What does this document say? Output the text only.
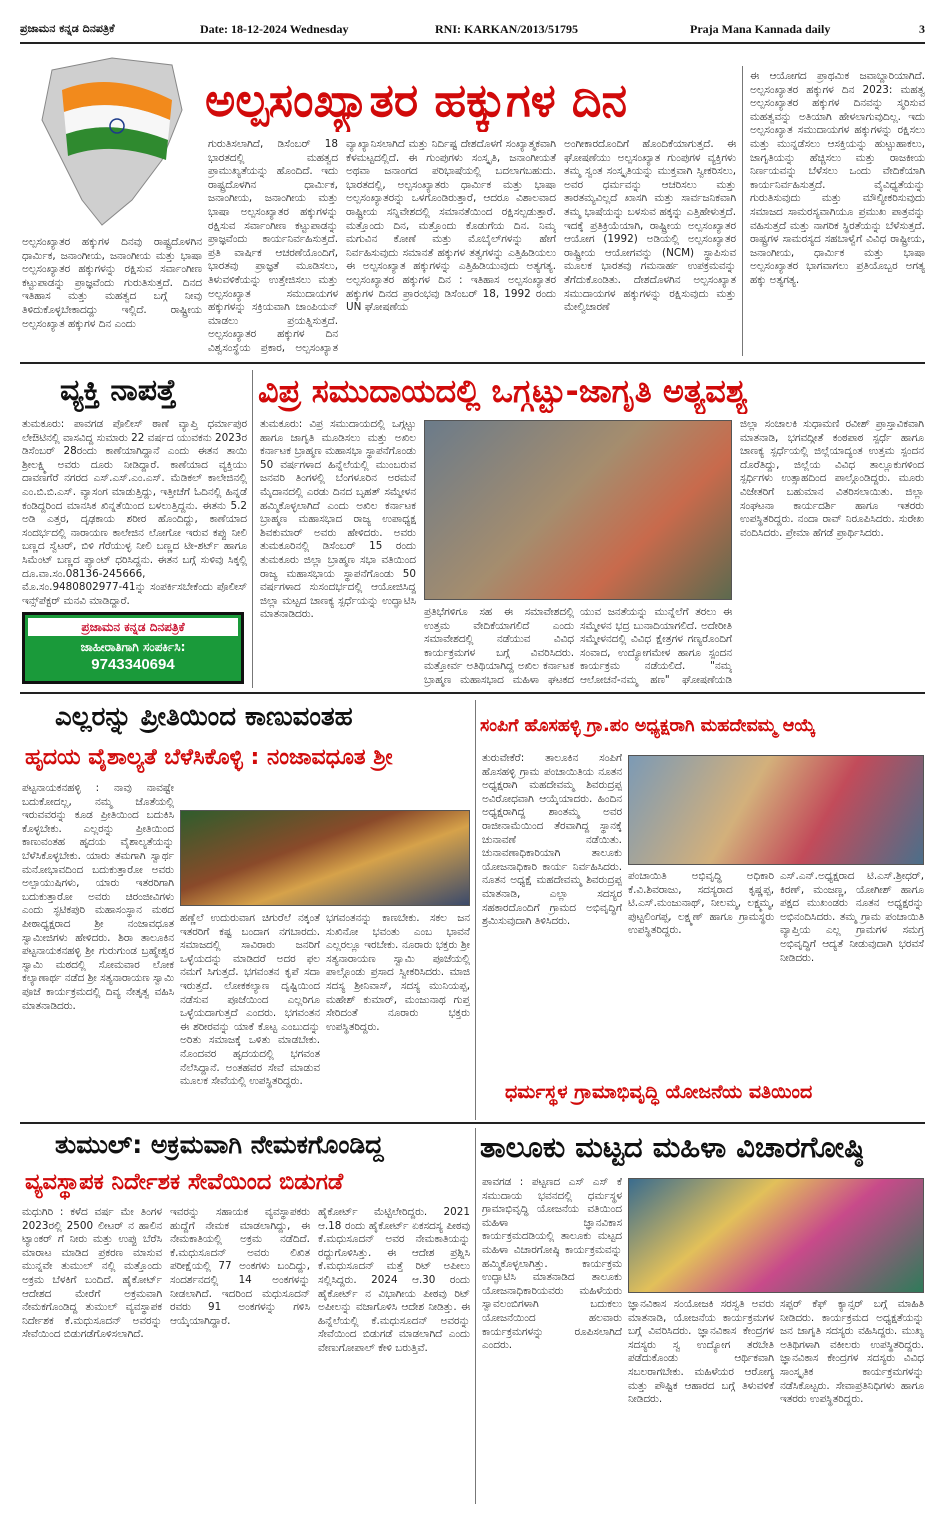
ಪ್ರಜಾಮನ ಕನ್ನಡ ದಿನಪತ್ರಿಕೆ	Date: 18-12-2024 Wednesday	RNI: KARKAN/2013/51795	Praja Mana Kannada daily	3
ಅಲ್ಪಸಂಖ್ಯಾತರ ಹಕ್ಕುಗಳ ದಿನ
ಗುರುತಿಸಲಾಗಿದೆ, ಡಿಸೆಂಬರ್ 18 ಭಾರತದಲ್ಲಿ ಮಹತ್ವದ ಪ್ರಾಮುಖ್ಯತೆಯನ್ನು ಹೊಂದಿದೆ. ಇದು ರಾಷ್ಟ್ರದೊಳಗಿನ ಧಾರ್ಮಿಕ, ಜನಾಂಗೀಯ, ಜನಾಂಗೀಯ ಮತ್ತು ಭಾಷಾ ಅಲ್ಪಸಂಖ್ಯಾತರ ಹಕ್ಕುಗಳನ್ನು ರಕ್ಷಿಸುವ ಸರ್ವಾಂಗೀಣ ಕಟ್ಟುಪಾಡನ್ನು ಪ್ರಾಜ್ಞವೆಂದು ಕಾರ್ಯನಿರ್ವಹಿಸುತ್ತದೆ. ಪ್ರತಿ ವಾರ್ಷಿಕ ಆಚರಣೆಯೊಂದಿಗೆ, ಭಾರತವು ಪ್ರಾಜ್ಞತೆ ಮೂಡಿಸಲು, ತಿಳುವಳಿಕೆಯನ್ನು ಉತ್ತೇಜಿಸಲು ಮತ್ತು ಅಲ್ಪಸಂಖ್ಯಾತ ಸಮುದಾಯಗಳ ಹಕ್ಕುಗಳನ್ನು ಸಕ್ರಿಯವಾಗಿ ಚಾಂಪಿಯನ್ ಮಾಡಲು ಪ್ರಯತ್ನಿಸುತ್ತದೆ. ಅಲ್ಪಸಂಖ್ಯಾತರ ಹಕ್ಕುಗಳ ದಿನ ವಿಶ್ವಸಂಸ್ಥೆಯ ಪ್ರಕಾರ, ಅಲ್ಪಸಂಖ್ಯಾತ
ವ್ಯಾಖ್ಯಾನಿಸಲಾಗಿದೆ ಮತ್ತು ನಿರ್ದಿಷ್ಟ ದೇಶದೊಳಗೆ ಸಂಖ್ಯಾತ್ಮಕವಾಗಿ ಕೆಳಮಟ್ಟದಲ್ಲಿದೆ. ಈ ಗುಂಪುಗಳು ಸಂಸ್ಕೃತಿ, ಜನಾಂಗೀಯತೆ ಅಥವಾ ಜನಾಂಗದ ಪರಿಭಾಷೆಯಲ್ಲಿ ಬದಲಾಗಬಹುದು. ಭಾರತದಲ್ಲಿ, ಅಲ್ಪಸಂಖ್ಯಾತರು ಧಾರ್ಮಿಕ ಮತ್ತು ಭಾಷಾ ಅಲ್ಪಸಂಖ್ಯಾತರನ್ನು ಒಳಗೊಂಡಿರುತ್ತಾರೆ, ಆದರೂ ವಿಶಾಲವಾದ ರಾಷ್ಟ್ರೀಯ ಸನ್ನಿವೇಶದಲ್ಲಿ ಸಮಾನತೆಯಿಂದ ರಕ್ಷಿಸಲ್ಪಡುತ್ತಾರೆ. ಮತ್ತೊಂದು ದಿನ, ಮತ್ತೊಂದು ಕೊಡುಗೆಯ ದಿನ. ನಿಮ್ಮ ಮಗುವಿನ ಕೋಣೆ ಮತ್ತು ಮೊಬೈಲ್‌ಗಳನ್ನು ಹೇಗೆ ನಿರ್ವಹಿಸುವುದು ಸಮಾನತೆ ಹಕ್ಕುಗಳ ತತ್ವಗಳನ್ನು ಎತ್ತಿಹಿಡಿಯಲು ಈ ಅಲ್ಪಸಂಖ್ಯಾತ ಹಕ್ಕುಗಳನ್ನು ಎತ್ತಿಹಿಡಿಯುವುದು ಅತ್ಯಗತ್ಯ. ಅಲ್ಪಸಂಖ್ಯಾತರ ಹಕ್ಕುಗಳ ದಿನ : ಇತಿಹಾಸ ಅಲ್ಪಸಂಖ್ಯಾತರ ಹಕ್ಕುಗಳ ದಿನದ ಪ್ರಾರಂಭವು ಡಿಸೆಂಬರ್ 18, 1992 ರಂದು UN ಘೋಷಣೆಯ
ಅಂಗೀಕಾರದೊಂದಿಗೆ ಹೊಂದಿಕೆಯಾಗುತ್ತದೆ. ಈ ಘೋಷಣೆಯು ಅಲ್ಪಸಂಖ್ಯಾತ ಗುಂಪುಗಳ ವ್ಯಕ್ತಿಗಳು ತಮ್ಮ ಸ್ವಂತ ಸಂಸ್ಕೃತಿಯನ್ನು ಮುಕ್ತವಾಗಿ ಸ್ವೀಕರಿಸಲು, ಅವರ ಧರ್ಮವನ್ನು ಆಚರಿಸಲು ಮತ್ತು ತಾರತಮ್ಯವಿಲ್ಲದೆ ಖಾಸಗಿ ಮತ್ತು ಸಾರ್ವಜನಿಕವಾಗಿ ತಮ್ಮ ಭಾಷೆಯನ್ನು ಬಳಸುವ ಹಕ್ಕನ್ನು ಎತ್ತಿಹೇಳುತ್ತದೆ. ಇದಕ್ಕೆ ಪ್ರತಿಕ್ರಿಯೆಯಾಗಿ, ರಾಷ್ಟ್ರೀಯ ಅಲ್ಪಸಂಖ್ಯಾತರ ಆಯೋಗ (1992) ಅಡಿಯಲ್ಲಿ ಅಲ್ಪಸಂಖ್ಯಾತರ ರಾಷ್ಟ್ರೀಯ ಆಯೋಗವನ್ನು (NCM) ಸ್ಥಾಪಿಸುವ ಮೂಲಕ ಭಾರತವು ಗಮನಾರ್ಹ ಉಪಕ್ರಮವನ್ನು ತೆಗೆದುಕೊಂಡಿತು. ದೇಶದೊಳಗಿನ ಅಲ್ಪಸಂಖ್ಯಾತ ಸಮುದಾಯಗಳ ಹಕ್ಕುಗಳನ್ನು ರಕ್ಷಿಸುವುದು ಮತ್ತು ಮೇಲ್ವಿಚಾರಣೆ
ಅಲ್ಪಸಂಖ್ಯಾತರ ಹಕ್ಕುಗಳ ದಿನವು ರಾಷ್ಟ್ರದೊಳಗಿನ ಧಾರ್ಮಿಕ, ಜನಾಂಗೀಯ, ಜನಾಂಗೀಯ ಮತ್ತು ಭಾಷಾ ಅಲ್ಪಸಂಖ್ಯಾತರ ಹಕ್ಕುಗಳನ್ನು ರಕ್ಷಿಸುವ ಸರ್ವಾಂಗೀಣ ಕಟ್ಟುಪಾಡನ್ನು ಪ್ರಾಜ್ಞವೆಂದು ಗುರುತಿಸುತ್ತದೆ. ದಿನದ ಇತಿಹಾಸ ಮತ್ತು ಮಹತ್ವದ ಬಗ್ಗೆ ನೀವು ತಿಳಿದುಕೊಳ್ಳಬೇಕಾದದ್ದು ಇಲ್ಲಿದೆ. ರಾಷ್ಟ್ರೀಯ ಅಲ್ಪಸಂಖ್ಯಾತ ಹಕ್ಕುಗಳ ದಿನ ಎಂದು
ಈ ಆಯೋಗದ ಪ್ರಾಥಮಿಕ ಜವಾಬ್ದಾರಿಯಾಗಿದೆ. ಅಲ್ಪಸಂಖ್ಯಾತರ ಹಕ್ಕುಗಳ ದಿನ 2023: ಮಹತ್ವ ಅಲ್ಪಸಂಖ್ಯಾತರ ಹಕ್ಕುಗಳ ದಿನವನ್ನು ಸ್ಮರಿಸುವ ಮಹತ್ವವನ್ನು ಅತಿಯಾಗಿ ಹೇಳಲಾಗುವುದಿಲ್ಲ. ಇದು ಅಲ್ಪಸಂಖ್ಯಾತ ಸಮುದಾಯಗಳ ಹಕ್ಕುಗಳನ್ನು ರಕ್ಷಿಸಲು ಮತ್ತು ಮುನ್ನಡೆಸಲು ಆಸಕ್ತಿಯನ್ನು ಹುಟ್ಟುಹಾಕಲು, ಜಾಗೃತಿಯನ್ನು ಹೆಚ್ಚಿಸಲು ಮತ್ತು ರಾಜಕೀಯ ನಿರ್ಣಯವನ್ನು ಬೆಳೆಸಲು ಒಂದು ವೇದಿಕೆಯಾಗಿ ಕಾರ್ಯನಿರ್ವಹಿಸುತ್ತದೆ. ವೈವಿಧ್ಯತೆಯನ್ನು ಗುರುತಿಸುವುದು ಮತ್ತು ಮೌಲ್ಯೀಕರಿಸುವುದು ಸಮಾಜದ ಸಾಮರಸ್ಯವಾಗಿಯೂ ಪ್ರಮುಖ ಪಾತ್ರವನ್ನು ವಹಿಸುತ್ತದೆ ಮತ್ತು ನಾಗರಿಕ ಸ್ಥಿರತೆಯನ್ನು ಬೆಳೆಸುತ್ತದೆ. ರಾಷ್ಟ್ರಗಳ ಸಾಮರಸ್ಯದ ಸಹಬಾಳ್ವೆಗೆ ವಿವಿಧ ರಾಷ್ಟ್ರೀಯ, ಜನಾಂಗೀಯ, ಧಾರ್ಮಿಕ ಮತ್ತು ಭಾಷಾ ಅಲ್ಪಸಂಖ್ಯಾತರ ಭಾಗವಾಗಲು ಪ್ರತಿಯೊಬ್ಬರ ಅಗತ್ಯ ಹಕ್ಕು ಅತ್ಯಗತ್ಯ.
ವ್ಯಕ್ತಿ ನಾಪತ್ತೆ
ತುಮಕೂರು: ಪಾವಗಡ ಪೊಲೀಸ್ ಠಾಣೆ ವ್ಯಾಪ್ತಿ ಧರ್ಮಾಪುರ ಲೇಔಟಿನಲ್ಲಿ ವಾಸವಿದ್ದ ಸುಮಾರು 22 ವರ್ಷದ ಯುವಕನು 2023ರ ಡಿಸೆಂಬರ್ 28ರಂದು ಕಾಣೆಯಾಗಿದ್ದಾನೆ ಎಂದು ಈತನ ತಾಯಿ ಶ್ರೀಲಕ್ಷ್ಮಿ ಅವರು ದೂರು ನೀಡಿದ್ದಾರೆ. ಕಾಣೆಯಾದ ವ್ಯಕ್ತಿಯು ದಾವಣಗೆರೆ ನಗರದ ಎಸ್.ಎಸ್.ಎಂ.ಎಸ್. ಮೆಡಿಕಲ್ ಕಾಲೇಜಿನಲ್ಲಿ ಎಂ.ಬಿ.ಬಿ.ಎಸ್. ವ್ಯಾಸಂಗ ಮಾಡುತ್ತಿದ್ದು, ಇತ್ತೀಚೆಗೆ ಓದಿನಲ್ಲಿ ಹಿನ್ನಡೆ ಕಂಡಿದ್ದರಿಂದ ಮಾನಸಿಕ ಖಿನ್ನತೆಯಿಂದ ಬಳಲುತ್ತಿದ್ದನು. ಈತನು 5.2 ಅಡಿ ಎತ್ತರ, ದೃಢಕಾಯ ಶರೀರ ಹೊಂದಿದ್ದು, ಕಾಣೆಯಾದ ಸಂದರ್ಭದಲ್ಲಿ ನಾರಾಯಣ ಕಾಲೇಜಿನ ಲೋಗೋ ಇರುವ ಕಪ್ಪು ನೀಲಿ ಬಣ್ಣದ ಸ್ವೆಟರ್, ಬಿಳಿ ಗೆರೆಯುಳ್ಳ ನೀಲಿ ಬಣ್ಣದ ಟೀ-ಶರ್ಟ್ ಹಾಗೂ ಸಿಮೆಂಟ್ ಬಣ್ಣದ ಪ್ಯಾಂಟ್ ಧರಿಸಿದ್ದನು. ಈತನ ಬಗ್ಗೆ ಸುಳಿವು ಸಿಕ್ಕಲ್ಲಿ ದೂ.ವಾ.ಸಂ.08136-245666, ಮೊ.ಸಂ.9480802977-41ನ್ನು ಸಂಪರ್ಕಿಸಬೇಕೆಂದು ಪೊಲೀಸ್ ಇನ್ಸ್‌ಪೆಕ್ಟರ್ ಮನವಿ ಮಾಡಿದ್ದಾರೆ.
ಪ್ರಜಾಮನ ಕನ್ನಡ ದಿನಪತ್ರಿಕೆ
ಜಾಹೀರಾತಿಗಾಗಿ ಸಂಪರ್ಕಿಸಿ:
9743340694
ವಿಪ್ರ ಸಮುದಾಯದಲ್ಲಿ ಒಗ್ಗಟ್ಟು-ಜಾಗೃತಿ ಅತ್ಯವಶ್ಯ
ತುಮಕೂರು: ವಿಪ್ರ ಸಮುದಾಯದಲ್ಲಿ ಒಗ್ಗಟ್ಟು ಹಾಗೂ ಜಾಗೃತಿ ಮೂಡಿಸಲು ಮತ್ತು ಅಖಿಲ ಕರ್ನಾಟಕ ಬ್ರಾಹ್ಮಣ ಮಹಾಸಭಾ ಸ್ಥಾಪನೆಗೊಂಡು 50 ವರ್ಷಗಳಾದ ಹಿನ್ನೆಲೆಯಲ್ಲಿ ಮುಂಬರುವ ಜನವರಿ ತಿಂಗಳಲ್ಲಿ ಬೆಂಗಳೂರಿನ ಅರಮನೆ ಮೈದಾನದಲ್ಲಿ ಎರಡು ದಿನದ ಬೃಹತ್ ಸಮ್ಮೇಳನ ಹಮ್ಮಿಕೊಳ್ಳಲಾಗಿದೆ ಎಂದು ಅಖಿಲ ಕರ್ನಾಟಕ ಬ್ರಾಹ್ಮಣ ಮಹಾಸಭಾದ ರಾಜ್ಯ ಉಪಾಧ್ಯಕ್ಷ ಶಿವಕುಮಾರ್ ಅವರು ಹೇಳಿದರು. ಅವರು ತುಮಕೂರಿನಲ್ಲಿ ಡಿಸೆಂಬರ್ 15 ರಂದು ತುಮಕೂರು ಜಿಲ್ಲಾ ಬ್ರಾಹ್ಮಣ ಸಭಾ ವತಿಯಿಂದ ರಾಜ್ಯ ಮಹಾಸಭಾಯ ಸ್ಥಾಪನೆಗೊಂಡು 50 ವರ್ಷಗಳಾದ ಸುಸಂದರ್ಭದಲ್ಲಿ ಆಯೋಜಿಸಿದ್ದ ಜಿಲ್ಲಾ ಮಟ್ಟದ ಚಾಣಕ್ಯ ಸ್ಪರ್ಧೆಯನ್ನು ಉದ್ಘಾಟಿಸಿ ಮಾತನಾಡಿದರು.	ಪ್ರತಿಭೆಗಳಿಗೂ ಸಹ ಈ ಸಮಾವೇಶದಲ್ಲಿ ಉತ್ತಮ ವೇದಿಕೆಯಾಗಲಿದೆ ಎಂದು ಸಮಾವೇಶದಲ್ಲಿ ನಡೆಯುವ ವಿವಿಧ ಕಾರ್ಯಕ್ರಮಗಳ ಬಗ್ಗೆ ವಿವರಿಸಿದರು. ಮತ್ತೋರ್ವ ಅತಿಥಿಯಾಗಿದ್ದ ಅಖಿಲ ಕರ್ನಾಟಕ ಬ್ರಾಹ್ಮಣ ಮಹಾಸಭಾದ ಮಹಿಳಾ ಘಟಕದ
ಯುವ ಜನತೆಯನ್ನು ಮುನ್ನೆಲೆಗೆ ತರಲು ಈ ಸಮ್ಮೇಳನ ಭದ್ರ ಬುನಾದಿಯಾಗಲಿದೆ. ಅದೇರೀತಿ ಸಮ್ಮೇಳನದಲ್ಲಿ ವಿವಿಧ ಕ್ಷೇತ್ರಗಳ ಗಣ್ಯರೊಂದಿಗೆ ಸಂವಾದ, ಉದ್ಯೋಗಮೇಳ ಹಾಗೂ ಸ್ಪಂದನ ಕಾರ್ಯಕ್ರಮ ನಡೆಯಲಿದೆ. "ನಮ್ಮ ಆಲೋಚನೆ-ನಮ್ಮ ಹಣ" ಘೋಷಣೆಯಡಿ
ಜಿಲ್ಲಾ ಸಂಚಾಲಕಿ ಸುಧಾಮಣಿ ರವೀಶ್ ಪ್ರಾಸ್ತಾವಿಕವಾಗಿ ಮಾತನಾಡಿ, ಭಗವದ್ಗೀತೆ ಕಂಠಪಾಠ ಸ್ಪರ್ಧೆ ಹಾಗೂ ಚಾಣಕ್ಯ ಸ್ಪರ್ಧೆಯಲ್ಲಿ ಜಿಲ್ಲೆಯಾದ್ಯಂತ ಉತ್ತಮ ಸ್ಪಂದನ ದೊರೆತಿದ್ದು, ಜಿಲ್ಲೆಯ ವಿವಿಧ ತಾಲ್ಲೂಕುಗಳಿಂದ ಸ್ಪರ್ಧಿಗಳು ಉತ್ಸಾಹದಿಂದ ಪಾಲ್ಗೊಂಡಿದ್ದರು. ಮೂರು ವಿಜೇತರಿಗೆ ಬಹುಮಾನ ವಿತರಿಸಲಾಯಿತು. ಜಿಲ್ಲಾ ಸಂಘಟನಾ ಕಾರ್ಯದರ್ಶಿ ಹಾಗೂ ಇತರರು ಉಪಸ್ಥಿತರಿದ್ದರು. ನಂದಾ ರಾವ್ ನಿರೂಪಿಸಿದರು. ಸುರೇಖ ವಂದಿಸಿದರು. ಪ್ರೇಮಾ ಹೆಗಡೆ ಪ್ರಾರ್ಥಿಸಿದರು.
ಎಲ್ಲರನ್ನು ಪ್ರೀತಿಯಿಂದ ಕಾಣುವಂತಹ
ಹೃದಯ ವೈಶಾಲ್ಯತೆ ಬೆಳೆಸಿಕೊಳ್ಳಿ : ನಂಜಾವಧೂತ ಶ್ರೀ
ಪಟ್ಟನಾಯಕನಹಳ್ಳಿ : ನಾವು ನಾವಷ್ಟೇ ಬದುಕೋದಲ್ಲ, ನಮ್ಮ ಜೊತೆಯಲ್ಲಿ ಇರುವವರನ್ನು ಕೂಡ ಪ್ರೀತಿಯಿಂದ ಬದುಕಿಸಿ ಕೊಳ್ಳಬೇಕು. ಎಲ್ಲರನ್ನು ಪ್ರೀತಿಯಿಂದ ಕಾಣುವಂತಹ ಹೃದಯ ವೈಶಾಲ್ಯತೆಯನ್ನು ಬೆಳೆಸಿಕೊಳ್ಳಬೇಕು. ಯಾರು ತಮಗಾಗಿ ಸ್ವಾರ್ಥ ಮನೋಭಾವದಿಂದ ಬದುಕುತ್ತಾರೋ ಅವರು ಅಲ್ಪಾಯುಷಿಗಳು, ಯಾರು ಇತರರಿಗಾಗಿ ಬದುಕುತ್ತಾರೋ ಅವರು ಚಿರಂಜೀವಿಗಳು ಎಂದು ಸ್ಫಟಿಕಪುರಿ ಮಹಾಸಂಸ್ಥಾನ ಮಠದ ಪೀಠಾಧ್ಯಕ್ಷರಾದ ಶ್ರೀ ನಂಜಾವಧೂತ ಸ್ವಾಮೀಜಿಗಳು ಹೇಳಿದರು. ಶಿರಾ ತಾಲೂಕಿನ ಪಟ್ಟನಾಯಕನಹಳ್ಳಿ ಶ್ರೀ ಗುರುಗುಂಡ ಬ್ರಹ್ಮೇಶ್ವರ ಸ್ವಾಮಿ ಮಠದಲ್ಲಿ ಸೋಮವಾರ ಲೋಕ ಕಲ್ಯಾಣಾರ್ಥ ನಡೆದ ಶ್ರೀ ಸತ್ಯನಾರಾಯಣ ಸ್ವಾಮಿ ಪೂಜೆ ಕಾರ್ಯಕ್ರಮದಲ್ಲಿ ದಿವ್ಯ ನೇತೃತ್ವ ವಹಿಸಿ ಮಾತನಾಡಿದರು.
ಹಣ್ಣೆಲೆ ಉದುರುವಾಗ ಚಿಗುರೆಲೆ ನಕ್ಕಂತೆ ಇತರರಿಗೆ ಕಷ್ಟ ಬಂದಾಗ ನಗಬಾರದು. ಸಮಾಜದಲ್ಲಿ ಸಾವಿರಾರು ಜನರಿಗೆ ಒಳ್ಳೆಯದನ್ನು ಮಾಡಿದರೆ ಅದರ ಫಲ ನಮಗೆ ಸಿಗುತ್ತದೆ. ಭಗವಂತನ ಕೃಪೆ ಸದಾ ಇರುತ್ತದೆ. ಲೋಕಕಲ್ಯಾಣ ದೃಷ್ಟಿಯಿಂದ ನಡೆಸುವ ಪೂಜೆಯಿಂದ ಎಲ್ಲರಿಗೂ ಒಳ್ಳೆಯದಾಗುತ್ತದೆ ಎಂದರು. ಭಗವಂತನ ಈ ಶರೀರವನ್ನು ಯಾಕೆ ಕೊಟ್ಟ ಎಂಬುದನ್ನು ಅರಿತು ಸಮಾಜಕ್ಕೆ ಒಳಿತು ಮಾಡಬೇಕು. ನೊಂದವರ ಹೃದಯದಲ್ಲಿ ಭಗವಂತ ನೆಲೆಸಿದ್ದಾನೆ. ಅಂತಹವರ ಸೇವೆ ಮಾಡುವ ಮೂಲಕ ಸೇವೆಯಲ್ಲಿ ಉಪಸ್ಥಿತರಿದ್ದರು.
ಭಗವಂತನನ್ನು ಕಾಣಬೇಕು. ಸಕಲ ಜನ ಸುಖಿನೋ ಭವಂತು ಎಂಬ ಭಾವನೆ ಎಲ್ಲರಲ್ಲೂ ಇರಬೇಕು. ನೂರಾರು ಭಕ್ತರು ಶ್ರೀ ಸತ್ಯನಾರಾಯಣ ಸ್ವಾಮಿ ಪೂಜೆಯಲ್ಲಿ ಪಾಲ್ಗೊಂಡು ಪ್ರಸಾದ ಸ್ವೀಕರಿಸಿದರು. ಮಾಜಿ ಸದಸ್ಯ ಶ್ರೀನಿವಾಸ್, ಸದಸ್ಯ ಮುನಿಯಪ್ಪ, ಮಹೇಶ್ ಕುಮಾರ್, ಮಂಜುನಾಥ ಗುಪ್ತ ಸೇರಿದಂತೆ ನೂರಾರು ಭಕ್ತರು ಉಪಸ್ಥಿತರಿದ್ದರು.
ಸಂಪಿಗೆ ಹೊಸಹಳ್ಳಿ ಗ್ರಾ.ಪಂ ಅಧ್ಯಕ್ಷರಾಗಿ ಮಹದೇವಮ್ಮ ಆಯ್ಕೆ
ತುರುವೇಕೆರೆ: ತಾಲೂಕಿನ ಸಂಪಿಗೆ ಹೊಸಹಳ್ಳಿ ಗ್ರಾಮ ಪಂಚಾಯಿತಿಯ ನೂತನ ಅಧ್ಯಕ್ಷರಾಗಿ ಮಹದೇವಮ್ಮ ಶಿವರುದ್ರಪ್ಪ ಅವಿರೋಧವಾಗಿ ಆಯ್ಕೆಯಾದರು. ಹಿಂದಿನ ಅಧ್ಯಕ್ಷರಾಗಿದ್ದ ಶಾಂತಮ್ಮ ಅವರ ರಾಜೀನಾಮೆಯಿಂದ ತೆರವಾಗಿದ್ದ ಸ್ಥಾನಕ್ಕೆ ಚುನಾವಣೆ ನಡೆಯಿತು. ಚುನಾವಣಾಧಿಕಾರಿಯಾಗಿ ತಾಲೂಕು ಯೋಜನಾಧಿಕಾರಿ ಕಾರ್ಯ ನಿರ್ವಹಿಸಿದರು. ನೂತನ ಅಧ್ಯಕ್ಷೆ ಮಹದೇವಮ್ಮ ಶಿವರುದ್ರಪ್ಪ ಮಾತನಾಡಿ, ಎಲ್ಲಾ ಸದಸ್ಯರ ಸಹಕಾರದೊಂದಿಗೆ ಗ್ರಾಮದ ಅಭಿವೃದ್ಧಿಗೆ ಶ್ರಮಿಸುವುದಾಗಿ ತಿಳಿಸಿದರು.
ಪಂಚಾಯಿತಿ ಅಭಿವೃದ್ಧಿ ಅಧಿಕಾರಿ ಕೆ.ವಿ.ಶಿವರಾಜು, ಸದಸ್ಯರಾದ ಕೃಷ್ಣಪ್ಪ, ಟಿ.ಎಸ್.ಮಂಜುನಾಥ್, ನೀಲಮ್ಮ, ಲಕ್ಷ್ಮಮ್ಮ, ಪುಟ್ಟಲಿಂಗಪ್ಪ, ಲಕ್ಷ್ಮಣ್ ಹಾಗೂ ಗ್ರಾಮಸ್ಥರು ಉಪಸ್ಥಿತರಿದ್ದರು.
ಎಸ್.ಎನ್.ಅಧ್ಯಕ್ಷರಾದ ಟಿ.ಎಸ್.ಶ್ರೀಧರ್, ಕಿರಣ್, ಮಂಜಣ್ಣ, ಯೋಗೀಶ್ ಹಾಗೂ ಪಕ್ಷದ ಮುಖಂಡರು ನೂತನ ಅಧ್ಯಕ್ಷರನ್ನು ಅಭಿನಂದಿಸಿದರು. ತಮ್ಮ ಗ್ರಾಮ ಪಂಚಾಯಿತಿ ವ್ಯಾಪ್ತಿಯ ಎಲ್ಲ ಗ್ರಾಮಗಳ ಸಮಗ್ರ ಅಭಿವೃದ್ಧಿಗೆ ಆದ್ಯತೆ ನೀಡುವುದಾಗಿ ಭರವಸೆ ನೀಡಿದರು.
ಧರ್ಮಸ್ಥಳ ಗ್ರಾಮಾಭಿವೃದ್ಧಿ ಯೋಜನೆಯ ವತಿಯಿಂದ
ತುಮುಲ್: ಅಕ್ರಮವಾಗಿ ನೇಮಕಗೊಂಡಿದ್ದ
ವ್ಯವಸ್ಥಾಪಕ ನಿರ್ದೇಶಕ ಸೇವೆಯಿಂದ ಬಿಡುಗಡೆ
ಮಧುಗಿರಿ : ಕಳೆದ ವರ್ಷ ಮೇ ತಿಂಗಳ 2023ರಲ್ಲಿ 2500 ಲೀಟರ್ ನ ಹಾಲಿನ ಟ್ಯಾಂಕರ್ ಗೆ ನೀರು ಮತ್ತು ಉಪ್ಪು ಬೆರೆಸಿ ಮಾರಾಟ ಮಾಡಿದ ಪ್ರಕರಣ ಮಾಸುವ ಮುನ್ನವೇ ತುಮುಲ್ ನಲ್ಲಿ ಮತ್ತೊಂದು ಅಕ್ರಮ ಬೆಳಕಿಗೆ ಬಂದಿದೆ. ಹೈಕೋರ್ಟ್ ಆದೇಶದ ಮೇರೆಗೆ ಅಕ್ರಮವಾಗಿ ನೇಮಕಗೊಂಡಿದ್ದ ತುಮುಲ್ ವ್ಯವಸ್ಥಾಪಕ ನಿರ್ದೇಶಕ ಕೆ.ಮಧುಸೂದನ್ ಅವರನ್ನು ಸೇವೆಯಿಂದ ಬಿಡುಗಡೆಗೊಳಿಸಲಾಗಿದೆ.
ಇವರನ್ನು ಸಹಾಯಕ ವ್ಯವಸ್ಥಾಪಕರು ಹುದ್ದೆಗೆ ನೇಮಕ ಮಾಡಲಾಗಿದ್ದು, ಈ ನೇಮಕಾತಿಯಲ್ಲಿ ಅಕ್ರಮ ನಡೆದಿದೆ. ಕೆ.ಮಧುಸೂದನ್ ಅವರು ಲಿಖಿತ ಪರೀಕ್ಷೆಯಲ್ಲಿ 77 ಅಂಕಗಳು ಬಂದಿದ್ದು, ಸಂದರ್ಶನದಲ್ಲಿ 14 ಅಂಕಗಳನ್ನು ನೀಡಲಾಗಿದೆ. ಇದರಿಂದ ಮಧುಸೂದನ್ ರವರು 91 ಅಂಕಗಳನ್ನು ಗಳಿಸಿ ಆಯ್ಕೆಯಾಗಿದ್ದಾರೆ.
ಹೈಕೋರ್ಟ್ ಮೆಟ್ಟಿಲೇರಿದ್ದರು. 2021 ಆ.18 ರಂದು ಹೈಕೋರ್ಟ್ ಏಕಸದಸ್ಯ ಪೀಠವು ಕೆ.ಮಧುಸೂದನ್ ಅವರ ನೇಮಕಾತಿಯನ್ನು ರದ್ದುಗೊಳಿಸಿತ್ತು. ಈ ಆದೇಶ ಪ್ರಶ್ನಿಸಿ ಕೆ.ಮಧುಸೂದನ್ ಮತ್ತೆ ರಿಟ್ ಅಪೀಲು ಸಲ್ಲಿಸಿದ್ದರು. 2024 ಆ.30 ರಂದು ಹೈಕೋರ್ಟ್ ನ ವಿಭಾಗೀಯ ಪೀಠವು ರಿಟ್ ಅಪೀಲನ್ನು ವಜಾಗೊಳಿಸಿ ಆದೇಶ ನೀಡಿತ್ತು. ಈ ಹಿನ್ನೆಲೆಯಲ್ಲಿ ಕೆ.ಮಧುಸೂದನ್ ಅವರನ್ನು ಸೇವೆಯಿಂದ ಬಿಡುಗಡೆ ಮಾಡಲಾಗಿದೆ ಎಂದು ವೇಣುಗೋಪಾಲ್ ಕೇಳಿ ಬರುತ್ತಿವೆ.
ತಾಲೂಕು ಮಟ್ಟದ ಮಹಿಳಾ ವಿಚಾರಗೋಷ್ಠಿ
ಪಾವಗಡ : ಪಟ್ಟಣದ ಎಸ್ ಎಸ್ ಕೆ ಸಮುದಾಯ ಭವನದಲ್ಲಿ ಧರ್ಮಸ್ಥಳ ಗ್ರಾಮಾಭಿವೃದ್ಧಿ ಯೋಜನೆಯ ವತಿಯಿಂದ ಮಹಿಳಾ ಜ್ಞಾನವಿಕಾಸ ಕಾರ್ಯಕ್ರಮದಡಿಯಲ್ಲಿ ತಾಲೂಕು ಮಟ್ಟದ ಮಹಿಳಾ ವಿಚಾರಗೋಷ್ಠಿ ಕಾರ್ಯಕ್ರಮವನ್ನು ಹಮ್ಮಿಕೊಳ್ಳಲಾಗಿತ್ತು. ಕಾರ್ಯಕ್ರಮ ಉದ್ಘಾಟಿಸಿ ಮಾತನಾಡಿದ ತಾಲೂಕು ಯೋಜನಾಧಿಕಾರಿಯವರು ಮಹಿಳೆಯರು ಸ್ವಾವಲಂಬಿಗಳಾಗಿ ಬದುಕಲು ಯೋಜನೆಯಿಂದ ಹಲವಾರು ಕಾರ್ಯಕ್ರಮಗಳನ್ನು ರೂಪಿಸಲಾಗಿದೆ ಎಂದರು.
ಜ್ಞಾನವಿಕಾಸ ಸಂಯೋಜಕಿ ಸರಸ್ವತಿ ಅವರು ಮಾತನಾಡಿ, ಯೋಜನೆಯ ಕಾರ್ಯಕ್ರಮಗಳ ಬಗ್ಗೆ ವಿವರಿಸಿದರು. ಜ್ಞಾನವಿಕಾಸ ಕೇಂದ್ರಗಳ ಸದಸ್ಯರು ಸ್ವ ಉದ್ಯೋಗ ತರಬೇತಿ ಪಡೆದುಕೊಂಡು ಆರ್ಥಿಕವಾಗಿ ಸಬಲರಾಗಬೇಕು. ಮಹಿಳೆಯರ ಆರೋಗ್ಯ ಮತ್ತು ಪೌಷ್ಟಿಕ ಆಹಾರದ ಬಗ್ಗೆ ತಿಳುವಳಿಕೆ ನೀಡಿದರು.
ಸಪ್ಪರ್ ಕೆಫ್ ಕ್ಯಾನ್ಸರ್ ಬಗ್ಗೆ ಮಾಹಿತಿ ನೀಡಿದರು. ಕಾರ್ಯಕ್ರಮದ ಅಧ್ಯಕ್ಷತೆಯನ್ನು ಜನ ಜಾಗೃತಿ ಸದಸ್ಯರು ವಹಿಸಿದ್ದರು. ಮುಖ್ಯ ಅತಿಥಿಗಳಾಗಿ ವಕೀಲರು ಉಪಸ್ಥಿತರಿದ್ದರು. ಜ್ಞಾನವಿಕಾಸ ಕೇಂದ್ರಗಳ ಸದಸ್ಯರು ವಿವಿಧ ಸಾಂಸ್ಕೃತಿಕ ಕಾರ್ಯಕ್ರಮಗಳನ್ನು ನಡೆಸಿಕೊಟ್ಟರು. ಸೇವಾಪ್ರತಿನಿಧಿಗಳು ಹಾಗೂ ಇತರರು ಉಪಸ್ಥಿತರಿದ್ದರು.
